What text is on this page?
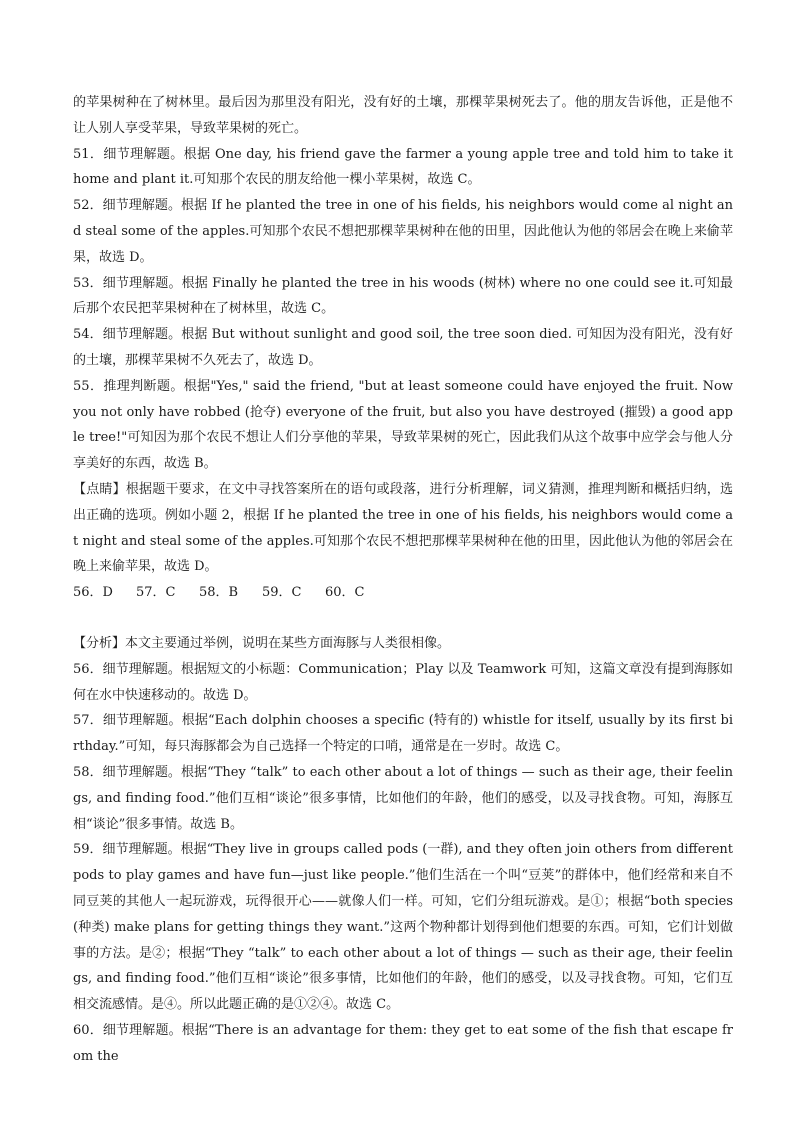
的苹果树种在了树林里。最后因为那里没有阳光，没有好的土壤，那棵苹果树死去了。他的朋友告诉他，正是他不让人别人享受苹果，导致苹果树的死亡。

51．细节理解题。根据 One day, his friend gave the farmer a young apple tree and told him to take it home and plant it.可知那个农民的朋友给他一棵小苹果树，故选 C。

52．细节理解题。根据 If he planted the tree in one of his fields, his neighbors would come al night and steal some of the apples.可知那个农民不想把那棵苹果树种在他的田里，因此他认为他的邻居会在晚上来偷苹果，故选 D。

53．细节理解题。根据 Finally he planted the tree in his woods (树林) where no one could see it.可知最后那个农民把苹果树种在了树林里，故选 C。

54．细节理解题。根据 But without sunlight and good soil, the tree soon died. 可知因为没有阳光，没有好的土壤，那棵苹果树不久死去了，故选 D。

55．推理判断题。根据"Yes," said the friend, "but at least someone could have enjoyed the fruit. Now you not only have robbed (抢夺) everyone of the fruit, but also you have destroyed (摧毁) a good apple tree!"可知因为那个农民不想让人们分享他的苹果，导致苹果树的死亡，因此我们从这个故事中应学会与他人分享美好的东西，故选 B。

【点睛】根据题干要求，在文中寻找答案所在的语句或段落，进行分析理解，词义猜测，推理判断和概括归纳，选出正确的选项。例如小题 2，根据 If he planted the tree in one of his fields, his neighbors would come at night and steal some of the apples.可知那个农民不想把那棵苹果树种在他的田里，因此他认为他的邻居会在晚上来偷苹果，故选 D。

56．D	57．C	58．B	59．C	60．C

【分析】本文主要通过举例，说明在某些方面海豚与人类很相像。

56．细节理解题。根据短文的小标题：Communication；Play 以及 Teamwork 可知，这篇文章没有提到海豚如何在水中快速移动的。故选 D。

57．细节理解题。根据“Each dolphin chooses a specific (特有的) whistle for itself, usually by its first birthday.”可知，每只海豚都会为自己选择一个特定的口哨，通常是在一岁时。故选 C。

58．细节理解题。根据“They “talk” to each other about a lot of things — such as their age, their feelings, and finding food.”他们互相“谈论”很多事情，比如他们的年龄，他们的感受，以及寻找食物。可知，海豚互相“谈论”很多事情。故选 B。

59．细节理解题。根据“They live in groups called pods (一群), and they often join others from different pods to play games and have fun—just like people.”他们生活在一个叫“豆荚”的群体中，他们经常和来自不同豆荚的其他人一起玩游戏，玩得很开心——就像人们一样。可知，它们分组玩游戏。是①；根据“both species (种类) make plans for getting things they want.”这两个物种都计划得到他们想要的东西。可知，它们计划做事的方法。是②；根据“They “talk” to each other about a lot of things — such as their age, their feelings, and finding food.”他们互相“谈论”很多事情，比如他们的年龄，他们的感受，以及寻找食物。可知，它们互相交流感情。是④。所以此题正确的是①②④。故选 C。

60．细节理解题。根据“There is an advantage for them: they get to eat some of the fish that escape from the
